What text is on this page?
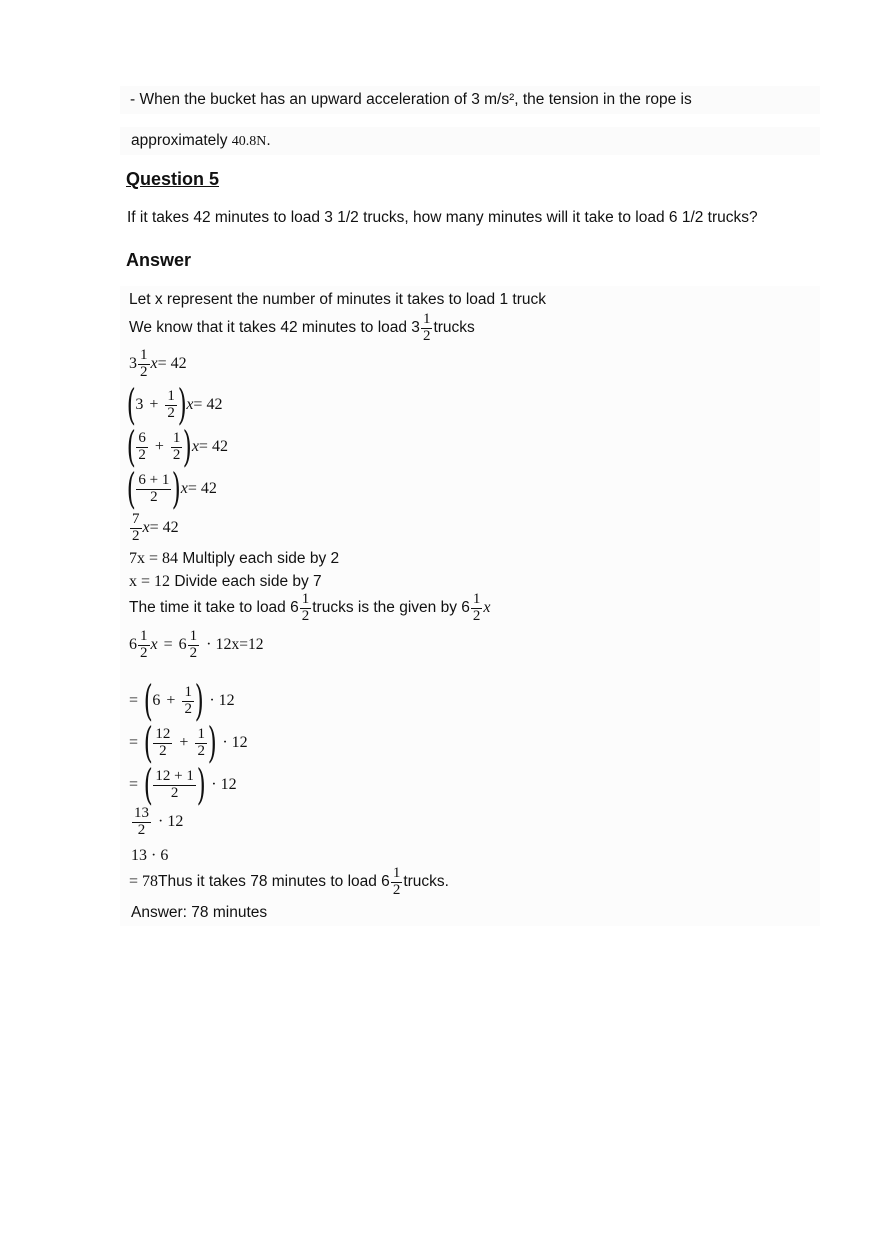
- When the bucket has an upward acceleration of 3 m/s², the tension in the rope is
approximately 40.8N.
Question 5
If it takes 42 minutes to load 3 1/2 trucks, how many minutes will it take to load 6 1/2 trucks?
Answer
Let x represent the number of minutes it takes to load 1 truck
We know that it takes 42 minutes to load $3 \frac{1}{2}$ trucks
$3 \frac{1}{2}$ x = 42
( $3 + \frac{1}{2}$ ) x = 42
( $\frac{6}{2} + \frac{1}{2}$ ) x = 42
( $\frac{6 + 1}{2}$ ) x = 42
$\frac{7}{2}$ x = 42
7x = 84 Multiply each side by 2
x = 12 Divide each side by 7
The time it take to load $6 \frac{1}{2}$ trucks is the given by $6 \frac{1}{2}$ x
$6 \frac{1}{2}$ $x = 6 \frac{1}{2} \cdot 12$ x=12
= ( $6 + \frac{1}{2}$ ) · 12
= ( $\frac{12}{2} + \frac{1}{2}$ ) · 12
= ( $\frac{12 + 1}{2}$ ) · 12
$\frac{13}{2} \cdot 12$
13 · 6
= 78 Thus it takes 78 minutes to load $6 \frac{1}{2}$ trucks.
Answer: 78 minutes
